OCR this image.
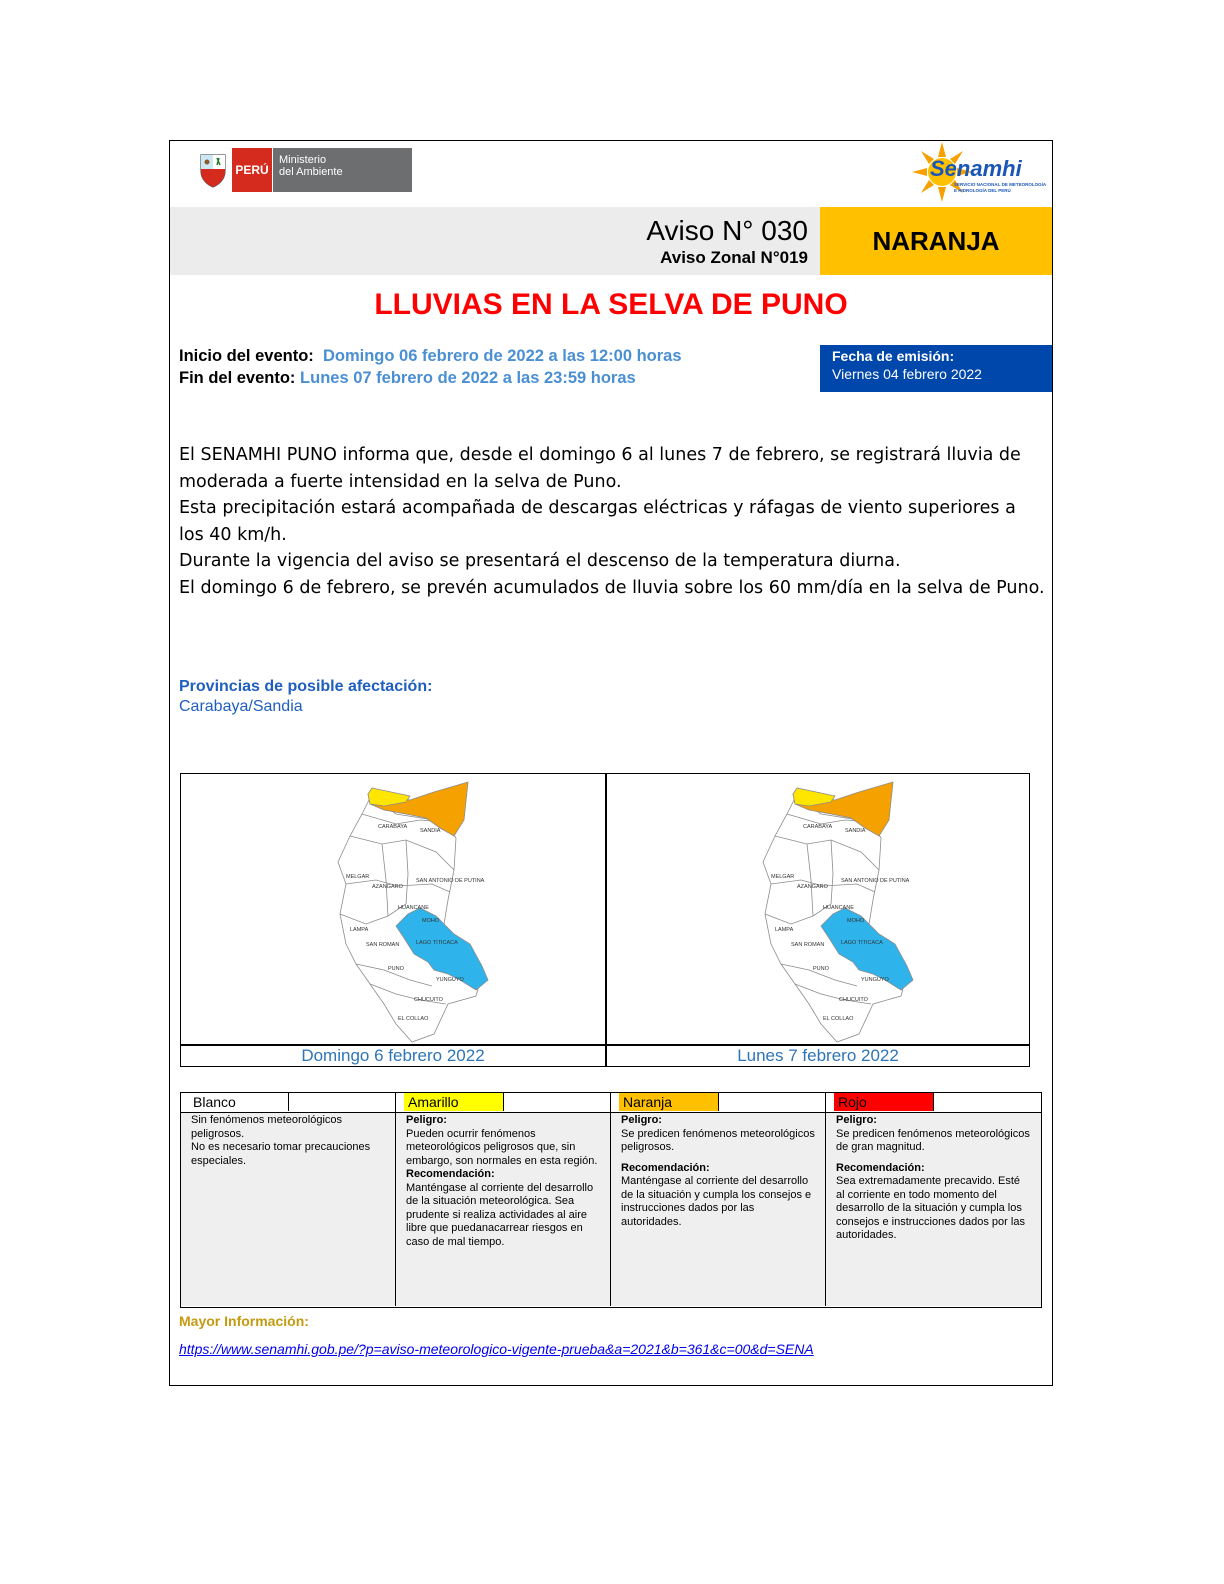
PERÚ
Ministerio
del Ambiente	Senamhi
SERVICIO NACIONAL DE METEOROLOGÍA E HIDROLOGÍA DEL PERÚ
Aviso N° 030
Aviso Zonal N°019
NARANJA
LLUVIAS EN LA SELVA DE PUNO
Inicio del evento: Domingo 06 febrero de 2022 a las 12:00 horas
Fin del evento: Lunes 07 febrero de 2022 a las 23:59 horas
Fecha de emisión:
Viernes 04 febrero 2022

El SENAMHI PUNO informa que, desde el domingo 6 al lunes 7 de febrero, se registrará lluvia de moderada a fuerte intensidad en la selva de Puno.

Esta precipitación estará acompañada de descargas eléctricas y ráfagas de viento superiores a los 40 km/h.

Durante la vigencia del aviso se presentará el descenso de la temperatura diurna.

El domingo 6 de febrero, se prevén acumulados de lluvia sobre los 60 mm/día en la selva de Puno.

Provincias de posible afectación:
Carabaya/Sandia
CARABAYA
SANDIA
MELGAR
SAN ANTONIO DE PUTINA
AZANGARO
HUANCANE
MOHO
LAMPA
SAN ROMAN	LAGO TITICACA
PUNO
YUNGUYO
CHUCUITO
EL COLLAO
CARABAYA
SANDIA
MELGAR
SAN ANTONIO DE PUTINA
AZANGARO
HUANCANE
MOHO
LAMPA
SAN ROMAN	LAGO TITICACA
PUNO
YUNGUYO
CHUCUITO
EL COLLAO
Domingo 6 febrero 2022	Lunes 7 febrero 2022
Blanco
Sin fenómenos meteorológicos peligrosos.
No es necesario tomar precauciones especiales.
Amarillo
Peligro:
Pueden ocurrir fenómenos meteorológicos peligrosos que, sin embargo, son normales en esta región.
Recomendación:
Manténgase al corriente del desarrollo de la situación meteorológica. Sea prudente si realiza actividades al aire libre que puedanacarrear riesgos en caso de mal tiempo.
Naranja
Peligro:
Se predicen fenómenos meteorológicos peligrosos.
Recomendación:
Manténgase al corriente del desarrollo de la situación y cumpla los consejos e instrucciones dados por las autoridades.
Rojo
Peligro:
Se predicen fenómenos meteorológicos de gran magnitud.
Recomendación:
Sea extremadamente precavido. Esté al corriente en todo momento del desarrollo de la situación y cumpla los consejos e instrucciones dados por las autoridades.
Mayor Información:
https://www.senamhi.gob.pe/?p=aviso-meteorologico-vigente-prueba&a=2021&b=361&c=00&d=SENA
